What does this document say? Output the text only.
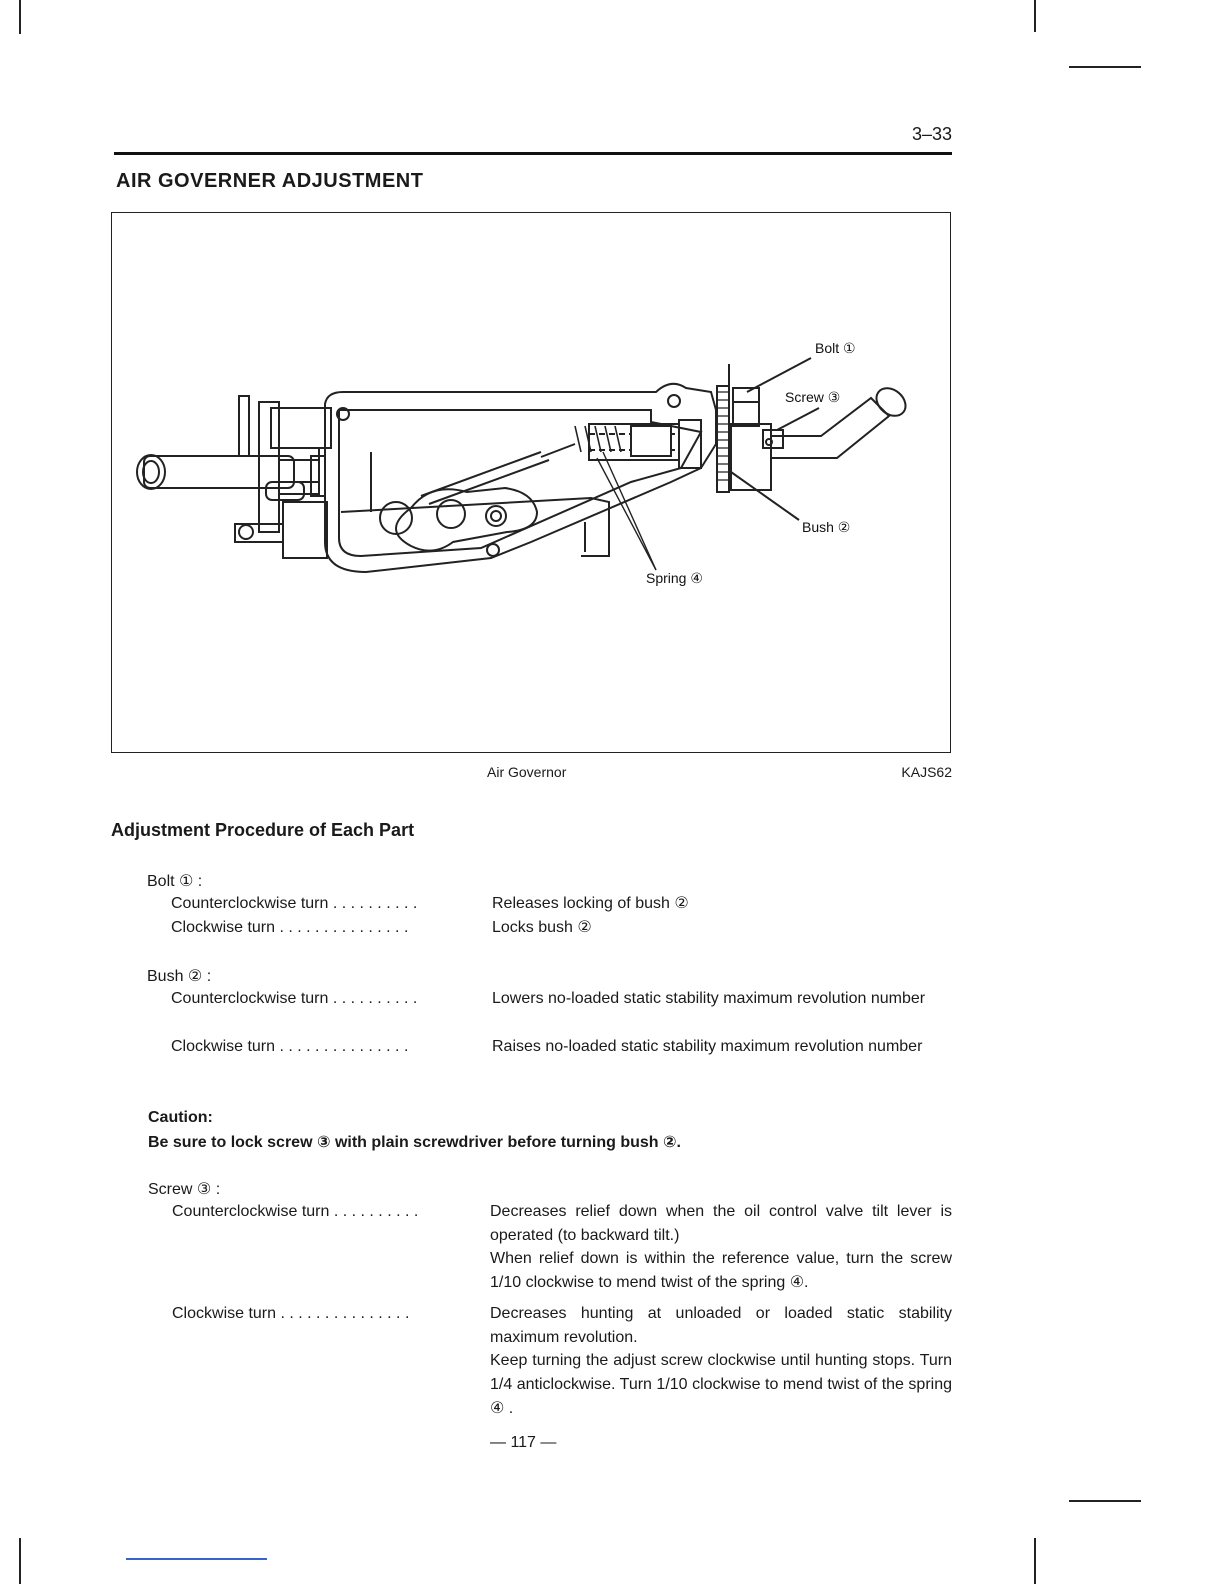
3–33
AIR GOVERNER ADJUSTMENT
Bolt ①
Screw ③
Bush ②
Spring ④
Air Governor	KAJS62
Adjustment Procedure of Each Part
Bolt ① :
Counterclockwise turn . . . . . . . . . .	Releases locking of bush ②
Clockwise turn . . . . . . . . . . . . . . .	Locks bush ②
Bush ② :
Counterclockwise turn . . . . . . . . . .	Lowers no-loaded static stability maximum revolution number
Clockwise turn . . . . . . . . . . . . . . .	Raises no-loaded static stability maximum revolution number
Caution:
Be sure to lock screw ③ with plain screwdriver before turning bush ②.
Screw ③ :
Counterclockwise turn . . . . . . . . . .	Decreases relief down when the oil control valve tilt lever is operated (to backward tilt.)
When relief down is within the reference value, turn the screw 1/10 clockwise to mend twist of the spring ④.
Clockwise turn . . . . . . . . . . . . . . .	Decreases hunting at unloaded or loaded static stability maximum revolution.
Keep turning the adjust screw clockwise until hunting stops. Turn 1/4 anticlockwise. Turn 1/10 clockwise to mend twist of the spring ④ .
— 117 —
